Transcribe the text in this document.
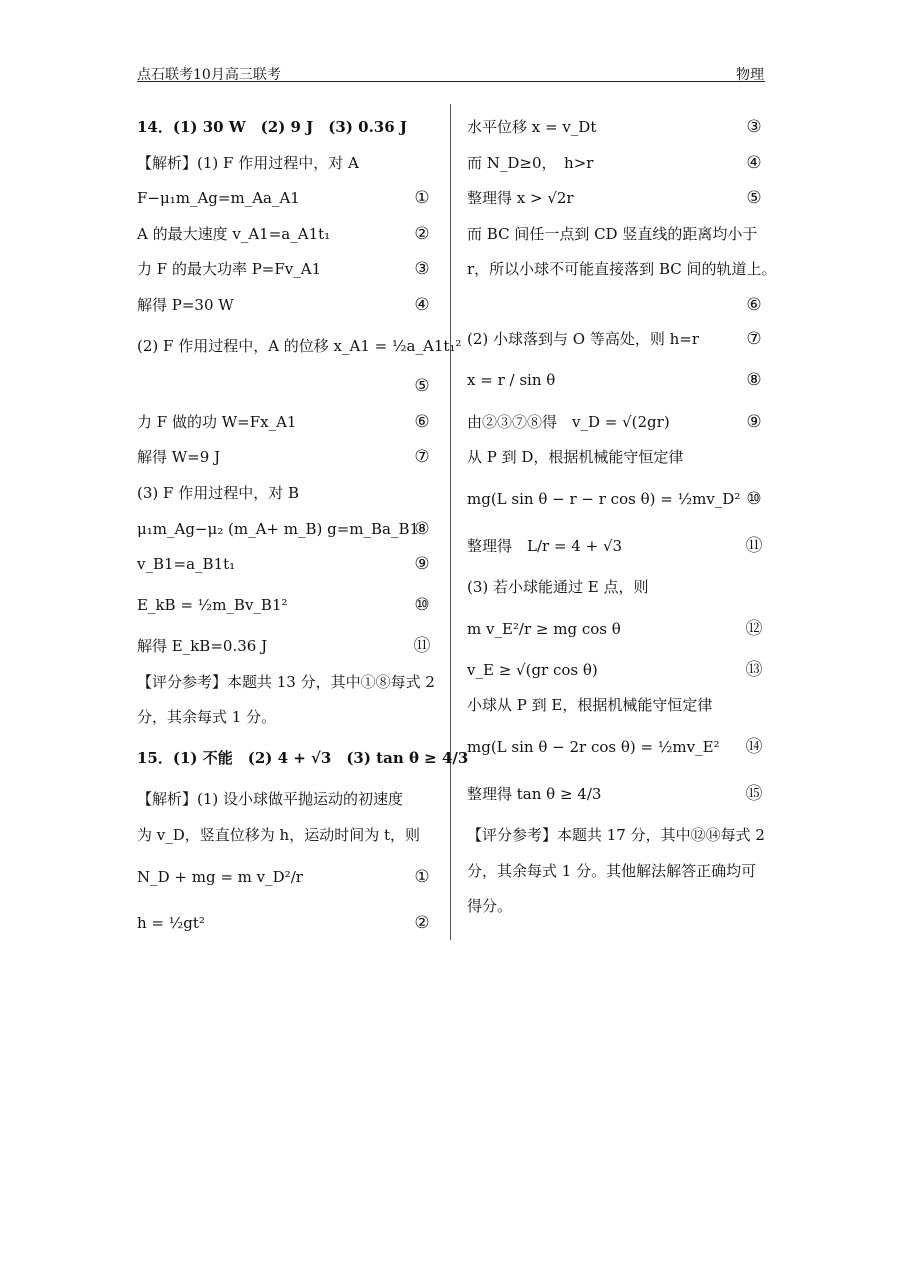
点石联考10月高三联考	物理
14．(1) 30 W　(2) 9 J　(3) 0.36 J
【解析】(1) F 作用过程中，对 A
F−μ₁m_Ag=m_Aa_A1	①
A 的最大速度 v_A1=a_A1t₁	②
力 F 的最大功率 P=Fv_A1	③
解得 P=30 W	④
(2) F 作用过程中，A 的位移 x_A1 = ½a_A1t₁²
⑤
力 F 做的功 W=Fx_A1	⑥
解得 W=9 J	⑦
(3) F 作用过程中，对 B
μ₁m_Ag−μ₂ (m_A+ m_B) g=m_Ba_B1
⑧
v_B1=a_B1t₁	⑨
E_kB = ½m_Bv_B1²	⑩
解得 E_kB=0.36 J	⑪
【评分参考】本题共 13 分，其中①⑧每式 2
分，其余每式 1 分。
15．(1) 不能　(2) 4 + √3　(3) tan θ ≥ 4/3
【解析】(1) 设小球做平抛运动的初速度
为 v_D，竖直位移为 h，运动时间为 t，则
N_D + mg = m v_D²/r	①
h = ½gt²	②
水平位移 x = v_Dt	③
而 N_D≥0，　h>r	④
整理得 x > √2r	⑤
而 BC 间任一点到 CD 竖直线的距离均小于
r，所以小球不可能直接落到 BC 间的轨道上。
⑥
(2) 小球落到与 O 等高处，则 h=r	⑦
x = r / sin θ	⑧
由②③⑦⑧得　v_D = √(2gr)	⑨
从 P 到 D，根据机械能守恒定律
mg(L sin θ − r − r cos θ) = ½mv_D² ⑩
整理得　L/r = 4 + √3	⑪
(3) 若小球能通过 E 点，则
m v_E²/r ≥ mg cos θ	⑫
v_E ≥ √(gr cos θ)	⑬
小球从 P 到 E，根据机械能守恒定律
mg(L sin θ − 2r cos θ) = ½mv_E² ⑭
整理得 tan θ ≥ 4/3	⑮
【评分参考】本题共 17 分，其中⑫⑭每式 2
分，其余每式 1 分。其他解法解答正确均可
得分。
